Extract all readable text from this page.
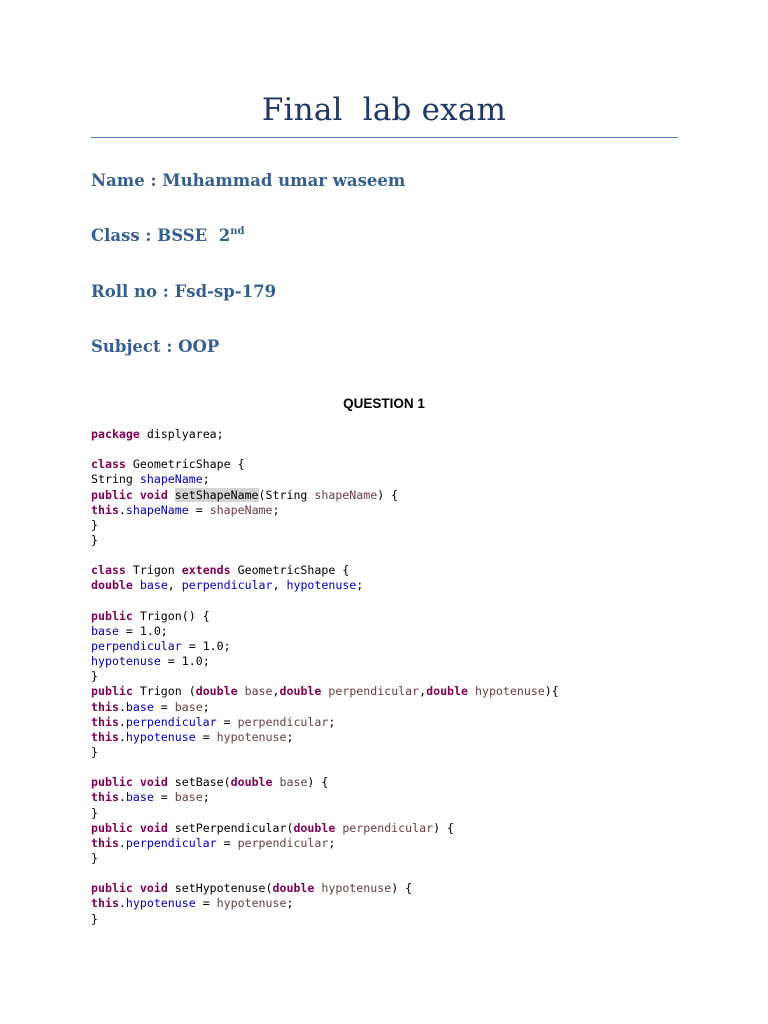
Final  lab exam
Name : Muhammad umar waseem
Class : BSSE  2nd
Roll no : Fsd-sp-179
Subject : OOP
QUESTION 1
package displyarea;
class GeometricShape {
String shapeName;
public void setShapeName(String shapeName) {
this.shapeName = shapeName;
}
}
class Trigon extends GeometricShape {
double base, perpendicular, hypotenuse;
public Trigon() {
base = 1.0;
perpendicular = 1.0;
hypotenuse = 1.0;
}
public Trigon (double base,double perpendicular,double hypotenuse){
this.base = base;
this.perpendicular = perpendicular;
this.hypotenuse = hypotenuse;
}
public void setBase(double base) {
this.base = base;
}
public void setPerpendicular(double perpendicular) {
this.perpendicular = perpendicular;
}
public void setHypotenuse(double hypotenuse) {
this.hypotenuse = hypotenuse;
}
